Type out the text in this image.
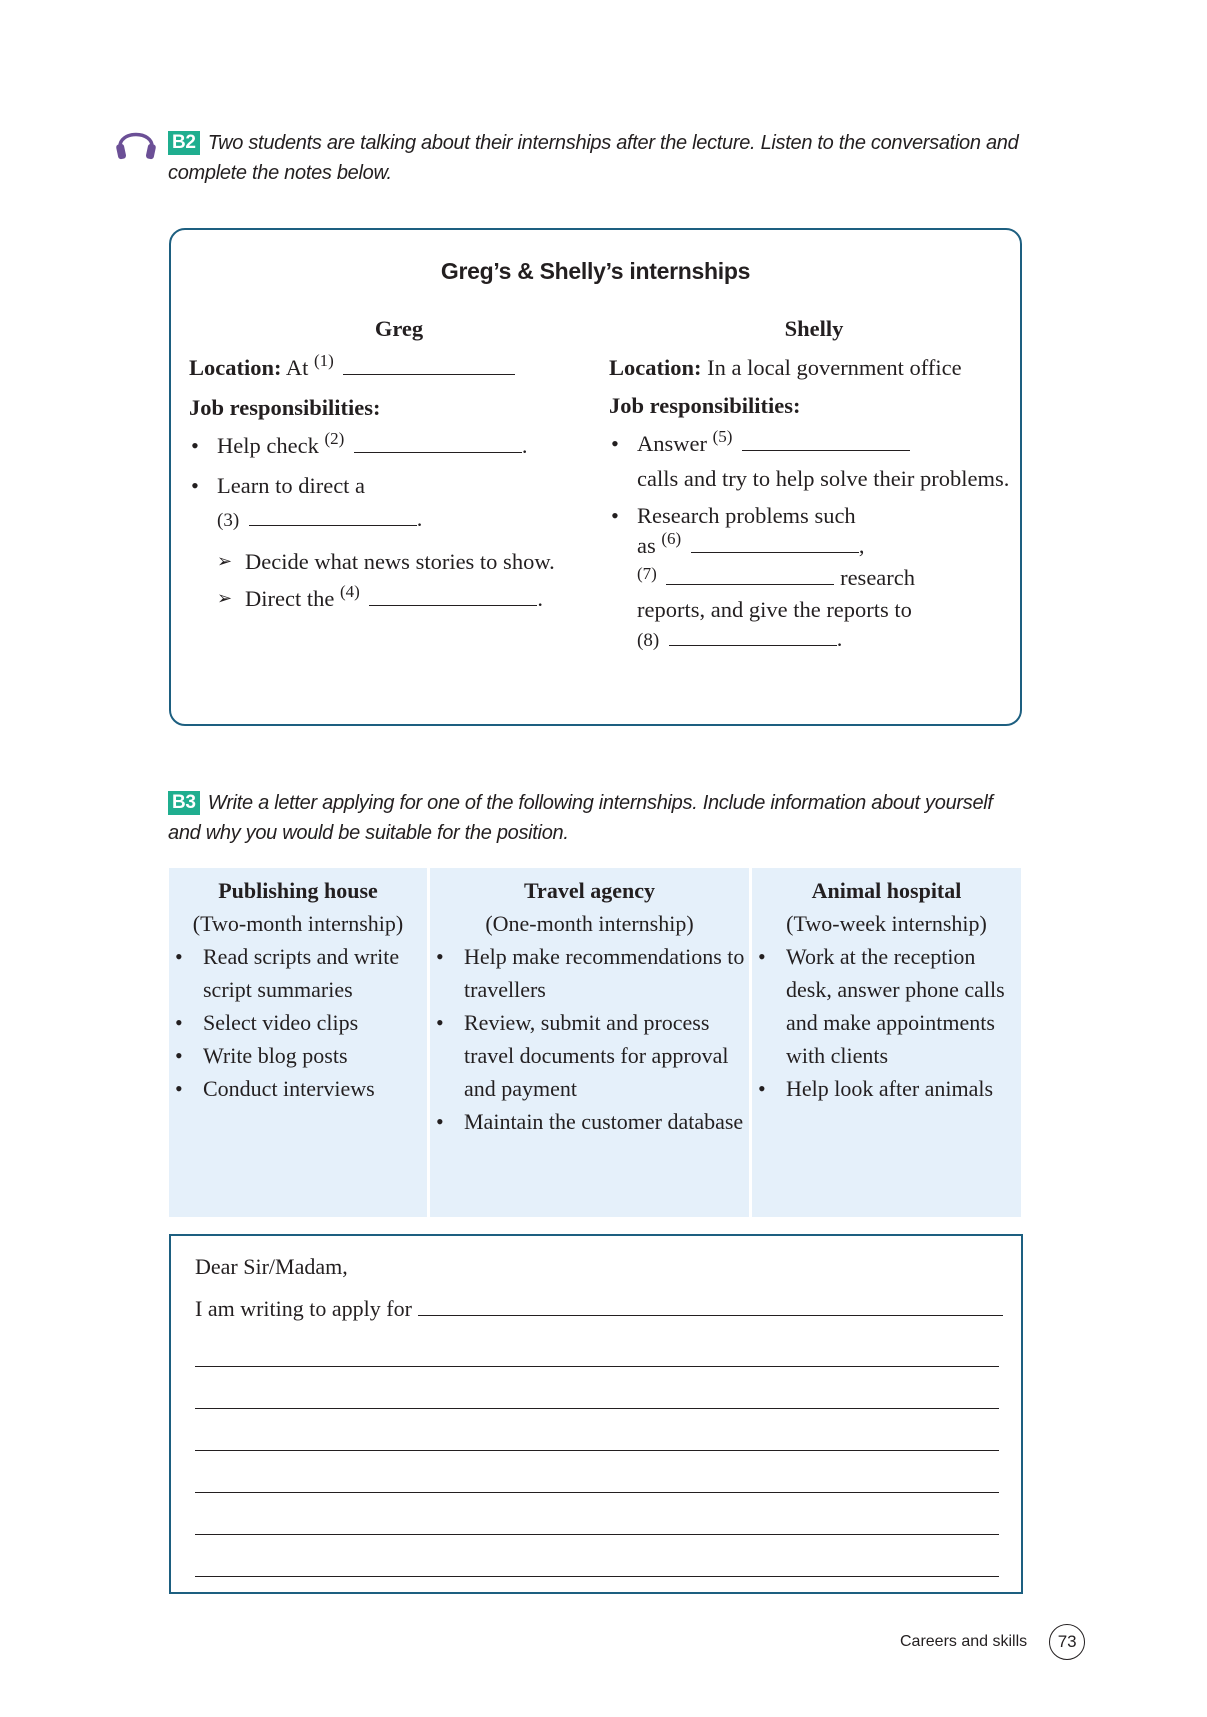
B2 Two students are talking about their internships after the lecture. Listen to the conversation and complete the notes below.
Greg’s & Shelly’s internships
Greg
Location: At $^{(1)}$
Job responsibilities:
• Help check $^{(2)}$	.
• Learn to direct a
(3)	.
➢ Decide what news stories to show.
➢ Direct the $^{(4)}$	.
Shelly
Location: In a local government office
Job responsibilities:
• Answer $^{(5)}$
calls and try to help solve their problems.
• Research problems such
as $^{(6)}$	,
$^{(7)}$	research
reports, and give the reports to
(8)	.
B3 Write a letter applying for one of the following internships. Include information about yourself and why you would be suitable for the position.
Publishing house
(Two-month internship)
• Read scripts and write script summaries
• Select video clips
• Write blog posts
• Conduct interviews
Travel agency
(One-month internship)
• Help make recommendations to travellers
• Review, submit and process travel documents for approval and payment
• Maintain the customer database
Animal hospital
(Two-week internship)
• Work at the reception desk, answer phone calls and make appointments with clients
• Help look after animals
Dear Sir/Madam,
I am writing to apply for
Careers and skills	73
